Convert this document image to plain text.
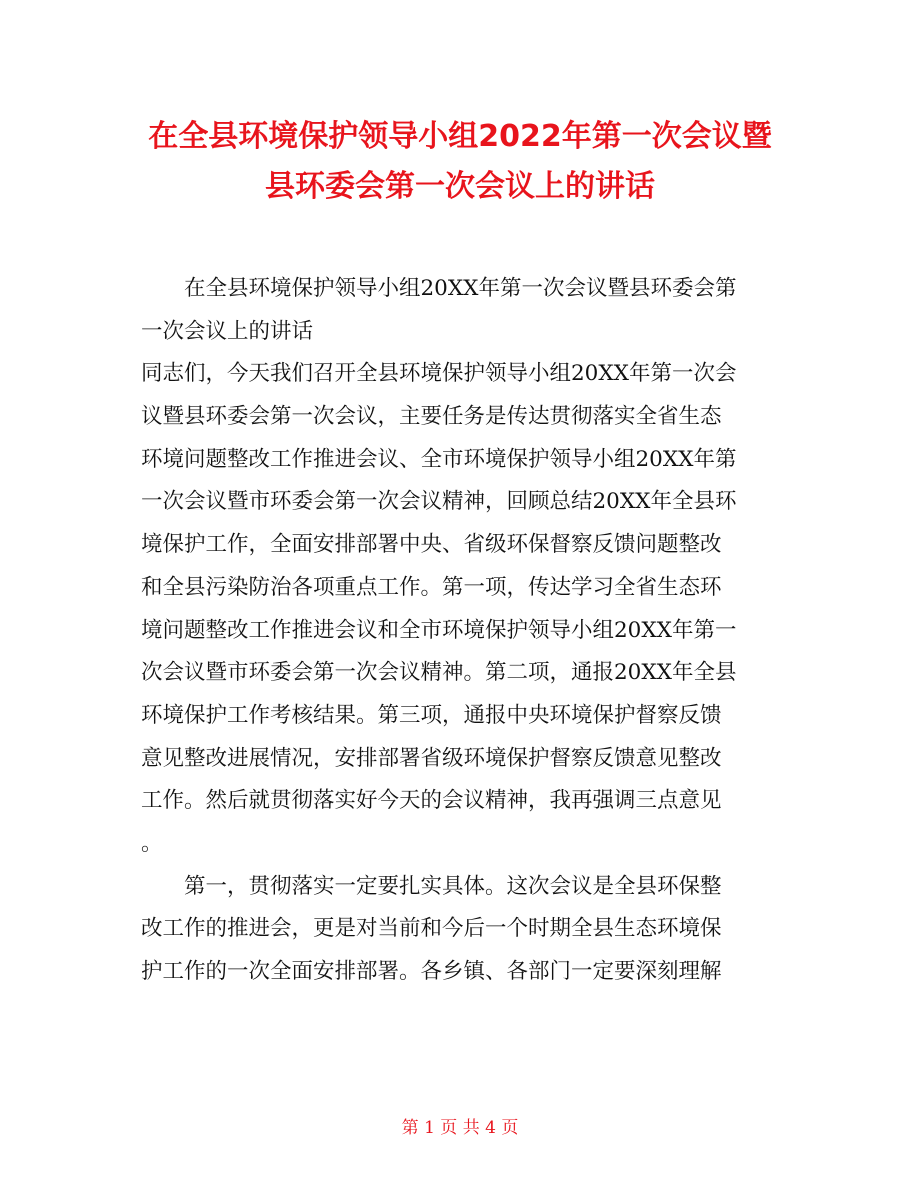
在全县环境保护领导小组2022年第一次会议暨
县环委会第一次会议上的讲话
在全县环境保护领导小组20XX年第一次会议暨县环委会第
一次会议上的讲话
同志们，今天我们召开全县环境保护领导小组20XX年第一次会
议暨县环委会第一次会议，主要任务是传达贯彻落实全省生态
环境问题整改工作推进会议、全市环境保护领导小组20XX年第
一次会议暨市环委会第一次会议精神，回顾总结20XX年全县环
境保护工作，全面安排部署中央、省级环保督察反馈问题整改
和全县污染防治各项重点工作。第一项，传达学习全省生态环
境问题整改工作推进会议和全市环境保护领导小组20XX年第一
次会议暨市环委会第一次会议精神。第二项，通报20XX年全县
环境保护工作考核结果。第三项，通报中央环境保护督察反馈
意见整改进展情况，安排部署省级环境保护督察反馈意见整改
工作。然后就贯彻落实好今天的会议精神，我再强调三点意见
。
第一，贯彻落实一定要扎实具体。这次会议是全县环保整
改工作的推进会，更是对当前和今后一个时期全县生态环境保
护工作的一次全面安排部署。各乡镇、各部门一定要深刻理解
第 1 页 共 4 页
